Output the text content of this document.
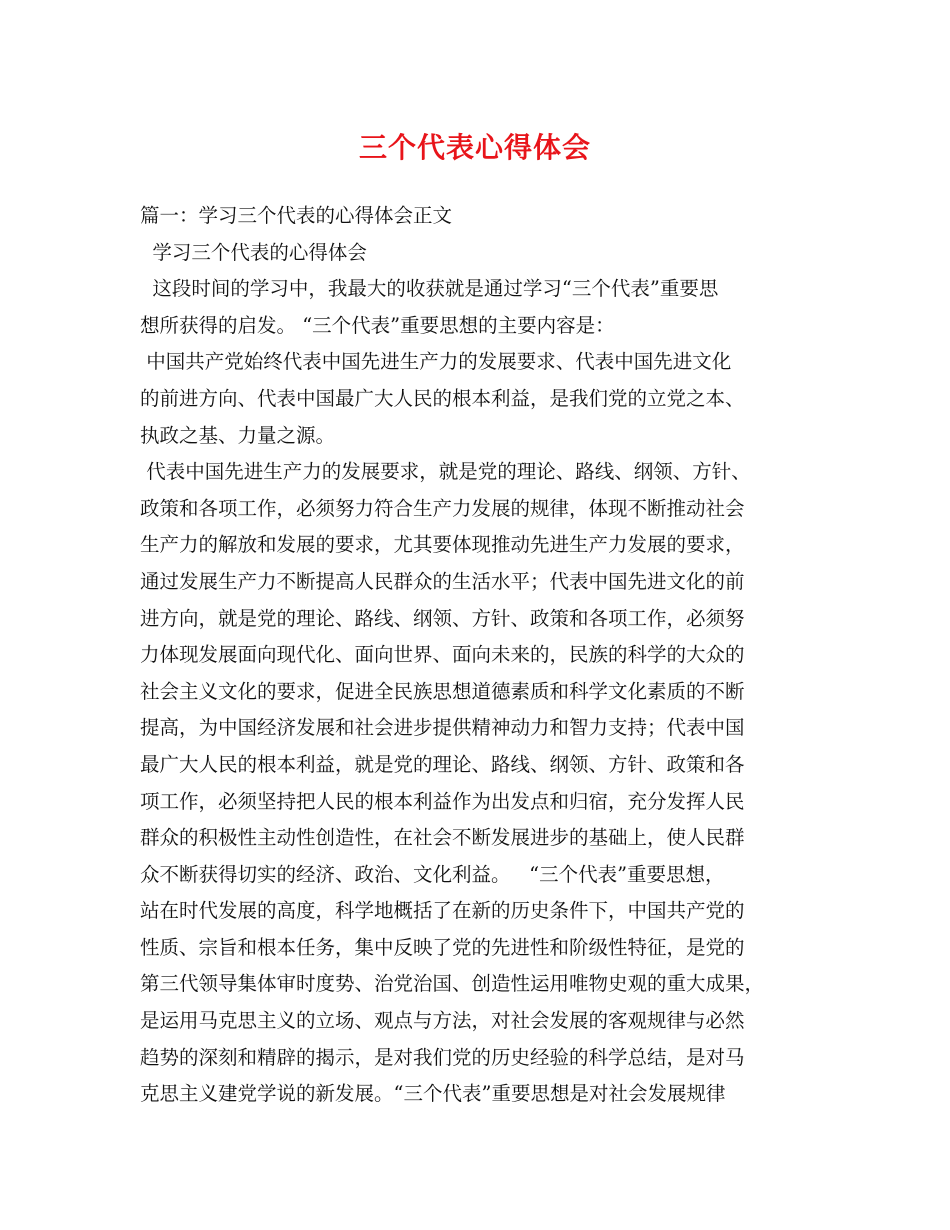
三个代表心得体会
篇一：学习三个代表的心得体会正文
学习三个代表的心得体会
这段时间的学习中，我最大的收获就是通过学习“三个代表”重要思
想所获得的启发。 “三个代表”重要思想的主要内容是：
中国共产党始终代表中国先进生产力的发展要求、代表中国先进文化
的前进方向、代表中国最广大人民的根本利益，是我们党的立党之本、
执政之基、力量之源。
代表中国先进生产力的发展要求，就是党的理论、路线、纲领、方针、
政策和各项工作，必须努力符合生产力发展的规律，体现不断推动社会
生产力的解放和发展的要求，尤其要体现推动先进生产力发展的要求，
通过发展生产力不断提高人民群众的生活水平；代表中国先进文化的前
进方向，就是党的理论、路线、纲领、方针、政策和各项工作，必须努
力体现发展面向现代化、面向世界、面向未来的，民族的科学的大众的
社会主义文化的要求，促进全民族思想道德素质和科学文化素质的不断
提高，为中国经济发展和社会进步提供精神动力和智力支持；代表中国
最广大人民的根本利益，就是党的理论、路线、纲领、方针、政策和各
项工作，必须坚持把人民的根本利益作为出发点和归宿，充分发挥人民
群众的积极性主动性创造性，在社会不断发展进步的基础上，使人民群
众不断获得切实的经济、政治、文化利益。   “三个代表”重要思想，
站在时代发展的高度，科学地概括了在新的历史条件下，中国共产党的
性质、宗旨和根本任务，集中反映了党的先进性和阶级性特征，是党的
第三代领导集体审时度势、治党治国、创造性运用唯物史观的重大成果，
是运用马克思主义的立场、观点与方法，对社会发展的客观规律与必然
趋势的深刻和精辟的揭示，是对我们党的历史经验的科学总结，是对马
克思主义建党学说的新发展。“三个代表”重要思想是对社会发展规律
